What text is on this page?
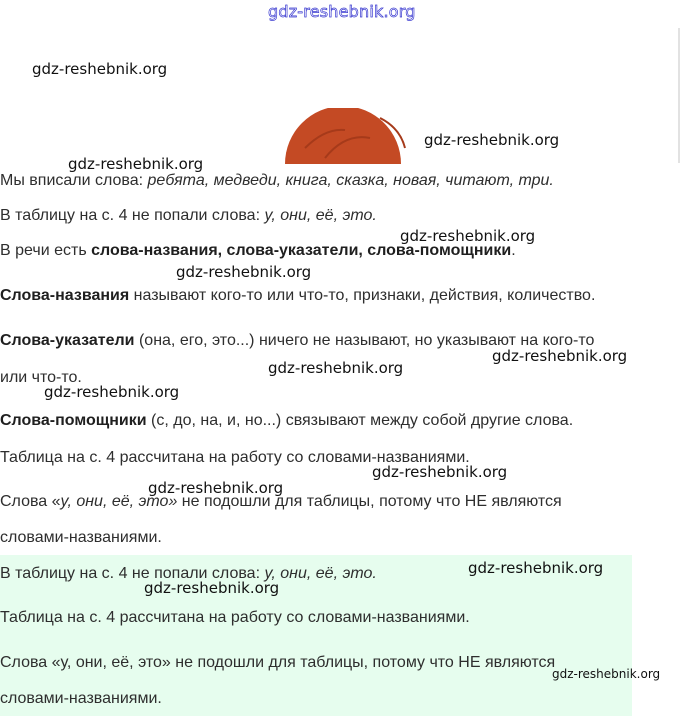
gdz-reshebnik.org
gdz-reshebnik.org
gdz-reshebnik.org
gdz-reshebnik.org
gdz-reshebnik.org
gdz-reshebnik.org
gdz-reshebnik.org
gdz-reshebnik.org
gdz-reshebnik.org
gdz-reshebnik.org
gdz-reshebnik.org
Мы вписали слова: ребята, медведи, книга, сказка, новая, читают, три.
В таблицу на с. 4 не попали слова: у, они, её, это.
В речи есть слова-названия, слова-указатели, слова-помощники.
Слова-названия называют кого-то или что-то, признаки, действия, количество.
Слова-указатели (она, его, это...) ничего не называют, но указывают на кого-то
или что-то.
Слова-помощники (с, до, на, и, но...) связывают между собой другие слова.
Таблица на с. 4 рассчитана на работу со словами-названиями.
Слова «у, они, её, это» не подошли для таблицы, потому что НЕ являются
словами-названиями.
В таблицу на с. 4 не попали слова: у, они, её, это.
Таблица на с. 4 рассчитана на работу со словами-названиями.
Слова «у, они, её, это» не подошли для таблицы, потому что НЕ являются
словами-названиями.
gdz-reshebnik.org
gdz-reshebnik.org
gdz-reshebnik.org
